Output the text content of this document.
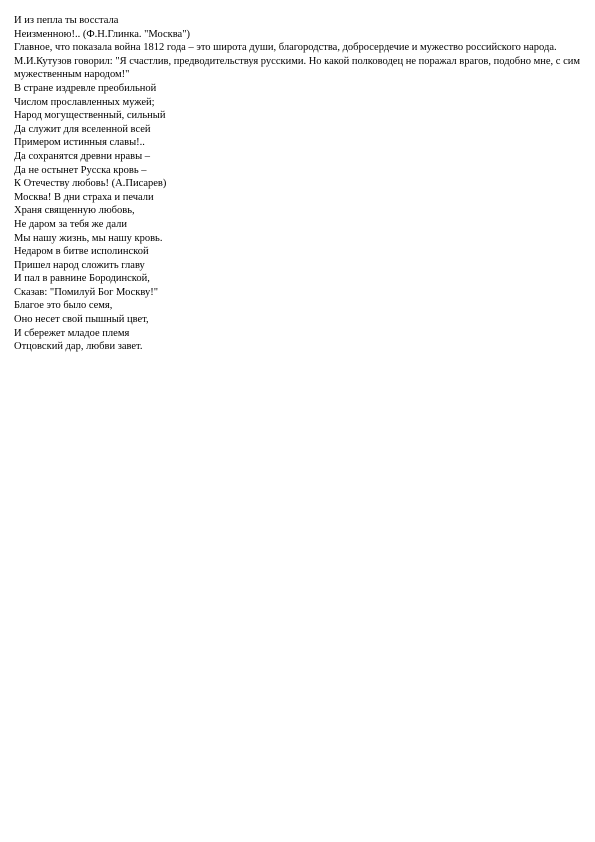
И из пепла ты восстала
Неизменною!.. (Ф.Н.Глинка. "Москва")
Главное, что показала война 1812 года – это широта души, благородства, добросердечие и мужество российского народа. М.И.Кутузов говорил: "Я счастлив, предводительствуя русскими. Но какой полководец не поражал врагов, подобно мне, с сим мужественным народом!"
В стране издревле преобильной
Числом прославленных мужей;
Народ могущественный, сильный
Да служит для вселенной всей
Примером истинныя славы!..
Да сохранятся древни нравы –
Да не остынет Русска кровь –
К Отечеству любовь! (А.Писарев)
Москва! В дни страха и печали
Храня священную любовь,
Не даром за тебя же дали
Мы нашу жизнь, мы нашу кровь.
Недаром в битве исполинской
Пришел народ сложить главу
И пал в равнине Бородинской,
Сказав: "Помилуй Бог Москву!"
Благое это было семя,
Оно несет свой пышный цвет,
И сбережет младое племя
Отцовский дар, любви завет.
